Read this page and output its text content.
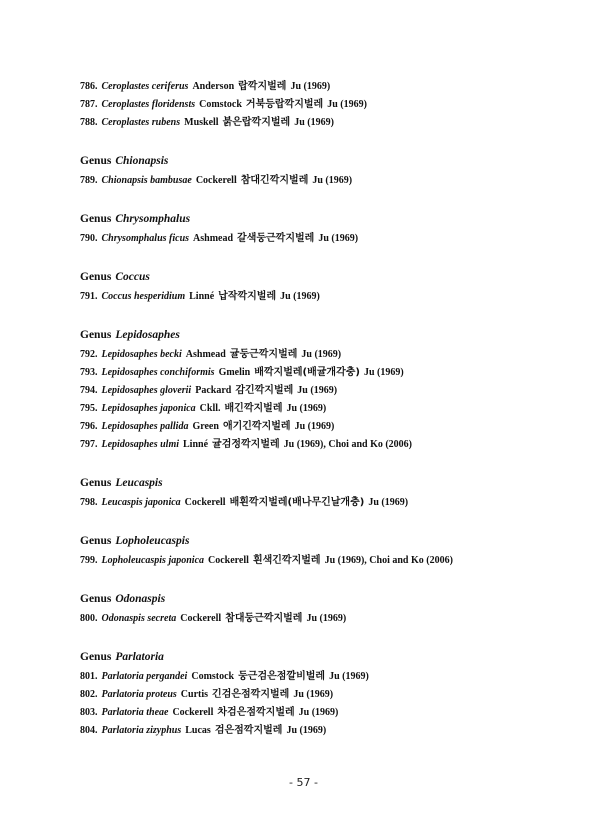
786. Ceroplastes ceriferus Anderson 랍깍지벌레 Ju (1969)
787. Ceroplastes floridensts Comstock 거북등랍깍지벌레 Ju (1969)
788. Ceroplastes rubens Muskell 붉은랍깍지벌레 Ju (1969)
Genus Chionapsis
789. Chionapsis bambusae Cockerell 참대긴깍지벌레 Ju (1969)
Genus Chrysomphalus
790. Chrysomphalus ficus Ashmead 갈색둥근깍지벌레 Ju (1969)
Genus Coccus
791. Coccus hesperidium Linné 납작깍지벌레 Ju (1969)
Genus Lepidosaphes
792. Lepidosaphes becki Ashmead 귤둥근깍지벌레 Ju (1969)
793. Lepidosaphes conchiformis Gmelin 배깍지벌레(배귤개각충) Ju (1969)
794. Lepidosaphes gloverii Packard 감긴깍지벌레 Ju (1969)
795. Lepidosaphes japonica Ckll. 배긴깍지벌레 Ju (1969)
796. Lepidosaphes pallida Green 애기긴깍지벌레 Ju (1969)
797. Lepidosaphes ulmi Linné 귤검정깍지벌레 Ju (1969), Choi and Ko (2006)
Genus Leucaspis
798. Leucaspis japonica Cockerell 배흰깍지벌레(배나무긴날개충) Ju (1969)
Genus Lopholeucaspis
799. Lopholeucaspis japonica Cockerell 흰색긴깍지벌레 Ju (1969), Choi and Ko (2006)
Genus Odonaspis
800. Odonaspis secreta Cockerell 참대둥근깍지벌레 Ju (1969)
Genus Parlatoria
801. Parlatoria pergandei Comstock 둥근검은점깔비벌레 Ju (1969)
802. Parlatoria proteus Curtis 긴검은점깍지벌레 Ju (1969)
803. Parlatoria theae Cockerell 차검은점깍지벌레 Ju (1969)
804. Parlatoria zizyphus Lucas 검은점깍지벌레 Ju (1969)
- 57 -
